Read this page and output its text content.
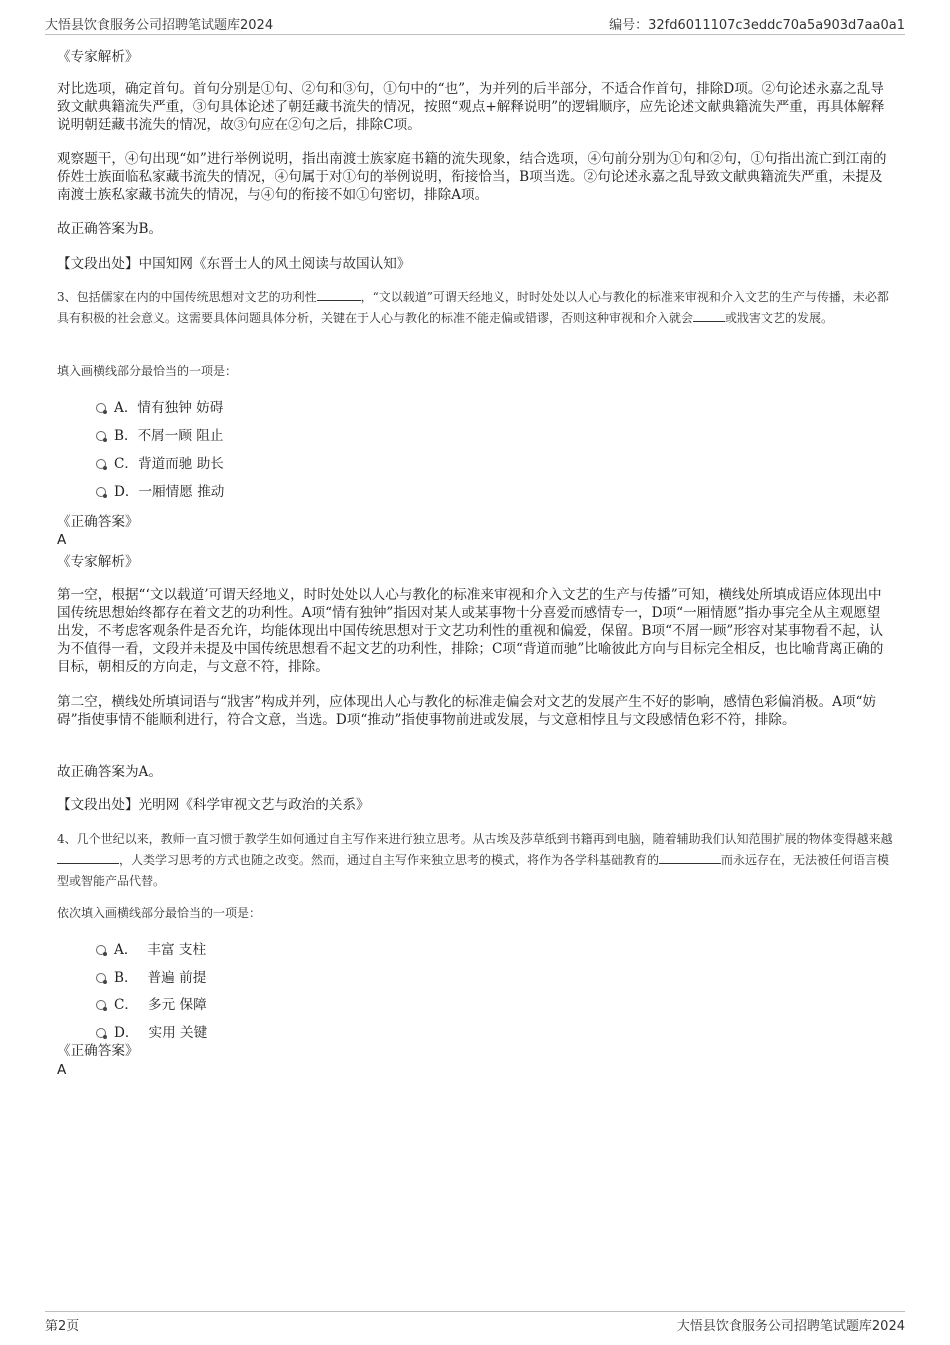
大悟县饮食服务公司招聘笔试题库2024	编号：32fd6011107c3eddc70a5a903d7aa0a1
《专家解析》
对比选项，确定首句。首句分别是①句、②句和③句，①句中的“也”，为并列的后半部分，不适合作首句，排除D项。②句论述永嘉之乱导致文献典籍流失严重，③句具体论述了朝廷藏书流失的情况，按照“观点+解释说明”的逻辑顺序，应先论述文献典籍流失严重，再具体解释说明朝廷藏书流失的情况，故③句应在②句之后，排除C项。
观察题干，④句出现“如”进行举例说明，指出南渡士族家庭书籍的流失现象，结合选项，④句前分别为①句和②句，①句指出流亡到江南的侨姓士族面临私家藏书流失的情况，④句属于对①句的举例说明，衔接恰当，B项当选。②句论述永嘉之乱导致文献典籍流失严重，未提及南渡士族私家藏书流失的情况，与④句的衔接不如①句密切，排除A项。
故正确答案为B。
【文段出处】中国知网《东晋士人的风土阅读与故国认知》
3、包括儒家在内的中国传统思想对文艺的功利性	，“文以载道”可谓天经地义，时时处处以人心与教化的标准来审视和介入文艺的生产与传播，未必都具有积极的社会意义。这需要具体问题具体分析，关键在于人心与教化的标准不能走偏或错谬，否则这种审视和介入就会	或戕害文艺的发展。
填入画横线部分最恰当的一项是：
A．情有独钟 妨碍
B．不屑一顾 阻止
C．背道而驰 助长
D．一厢情愿 推动
《正确答案》
A
《专家解析》
第一空，根据“‘文以载道’可谓天经地义，时时处处以人心与教化的标准来审视和介入文艺的生产与传播”可知，横线处所填成语应体现出中国传统思想始终都存在着文艺的功利性。A项“情有独钟”指因对某人或某事物十分喜爱而感情专一，D项“一厢情愿”指办事完全从主观愿望出发，不考虑客观条件是否允许，均能体现出中国传统思想对于文艺功利性的重视和偏爱，保留。B项“不屑一顾”形容对某事物看不起，认为不值得一看，文段并未提及中国传统思想看不起文艺的功利性，排除；C项“背道而驰”比喻彼此方向与目标完全相反，也比喻背离正确的目标，朝相反的方向走，与文意不符，排除。
第二空，横线处所填词语与“戕害”构成并列，应体现出人心与教化的标准走偏会对文艺的发展产生不好的影响，感情色彩偏消极。A项“妨碍”指使事情不能顺利进行，符合文意，当选。D项“推动”指使事物前进或发展，与文意相悖且与文段感情色彩不符，排除。
故正确答案为A。
【文段出处】光明网《科学审视文艺与政治的关系》
4、几个世纪以来，教师一直习惯于教学生如何通过自主写作来进行独立思考。从古埃及莎草纸到书籍再到电脑，随着辅助我们认知范围扩展的物体变得越来越，人类学习思考的方式也随之改变。然而，通过自主写作来独立思考的模式，将作为各学科基础教育的	而永远存在，无法被任何语言模型或智能产品代替。
依次填入画横线部分最恰当的一项是：
A． 丰富 支柱
B． 普遍 前提
C． 多元 保障
D． 实用 关键
《正确答案》
A
第2页	大悟县饮食服务公司招聘笔试题库2024
